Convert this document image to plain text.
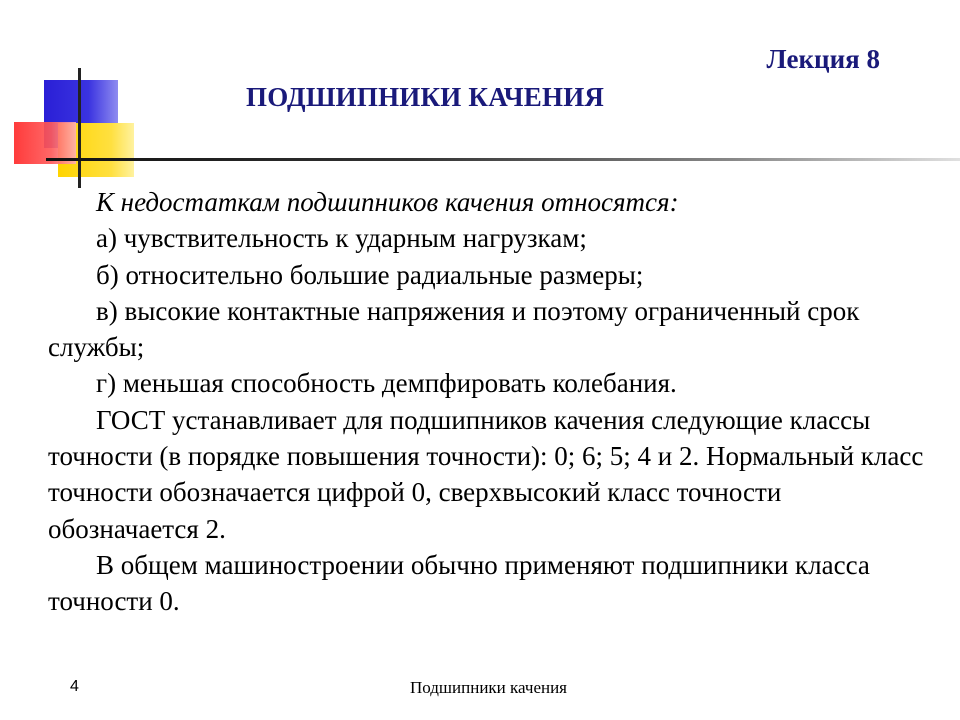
Лекция 8
ПОДШИПНИКИ КАЧЕНИЯ

К недостаткам подшипников качения относятся:

а) чувствительность к ударным нагрузкам;

б) относительно большие радиальные размеры;

в) высокие контактные напряжения и поэтому ограниченный срок службы;

г) меньшая способность демпфировать колебания.

ГОСТ устанавливает для подшипников качения следующие классы точности (в порядке повышения точности): 0; 6; 5; 4 и 2. Нормальный класс точности обозначается цифрой 0, сверхвысокий класс точности обозначается 2.

В общем машиностроении обычно применяют подшипники класса точности 0.

4	Подшипники качения
